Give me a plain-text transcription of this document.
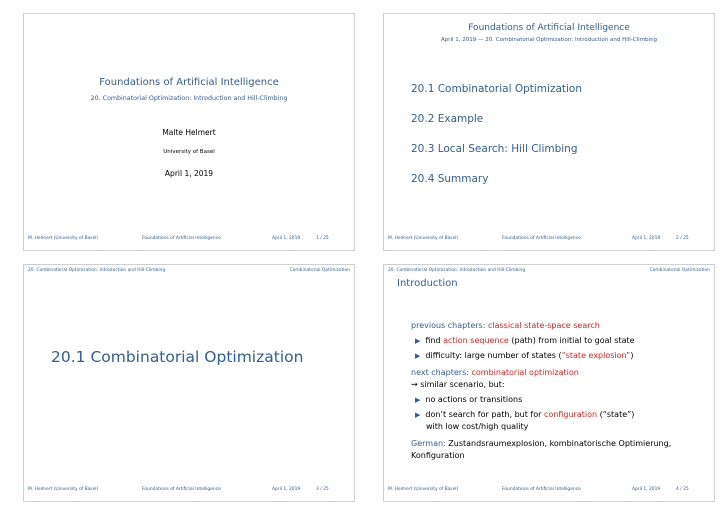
Foundations of Artificial Intelligence
20. Combinatorial Optimization: Introduction and Hill-Climbing
Malte Helmert
University of Basel
April 1, 2019
M. Helmert (University of Basel)	Foundations of Artificial Intelligence	April 1, 2019	1 / 25
Foundations of Artificial Intelligence
April 1, 2019 — 20. Combinatorial Optimization: Introduction and Hill-Climbing
20.1 Combinatorial Optimization
20.2 Example
20.3 Local Search: Hill Climbing
20.4 Summary
M. Helmert (University of Basel)	Foundations of Artificial Intelligence	April 1, 2019	2 / 25
20. Combinatorial Optimization: Introduction and Hill-Climbing	Combinatorial Optimization
20.1 Combinatorial Optimization
M. Helmert (University of Basel)	Foundations of Artificial Intelligence	April 1, 2019	3 / 25
20. Combinatorial Optimization: Introduction and Hill-Climbing	Combinatorial Optimization
Introduction
previous chapters: classical state-space search
▶ find action sequence (path) from initial to goal state
▶ difficulty: large number of states (“state explosion”)
next chapters: combinatorial optimization
⇝ similar scenario, but:
▶ no actions or transitions
▶ don’t search for path, but for configuration (“state”)
with low cost/high quality
German: Zustandsraumexplosion, kombinatorische Optimierung,
Konfiguration
M. Helmert (University of Basel)	Foundations of Artificial Intelligence	April 1, 2019	4 / 25
